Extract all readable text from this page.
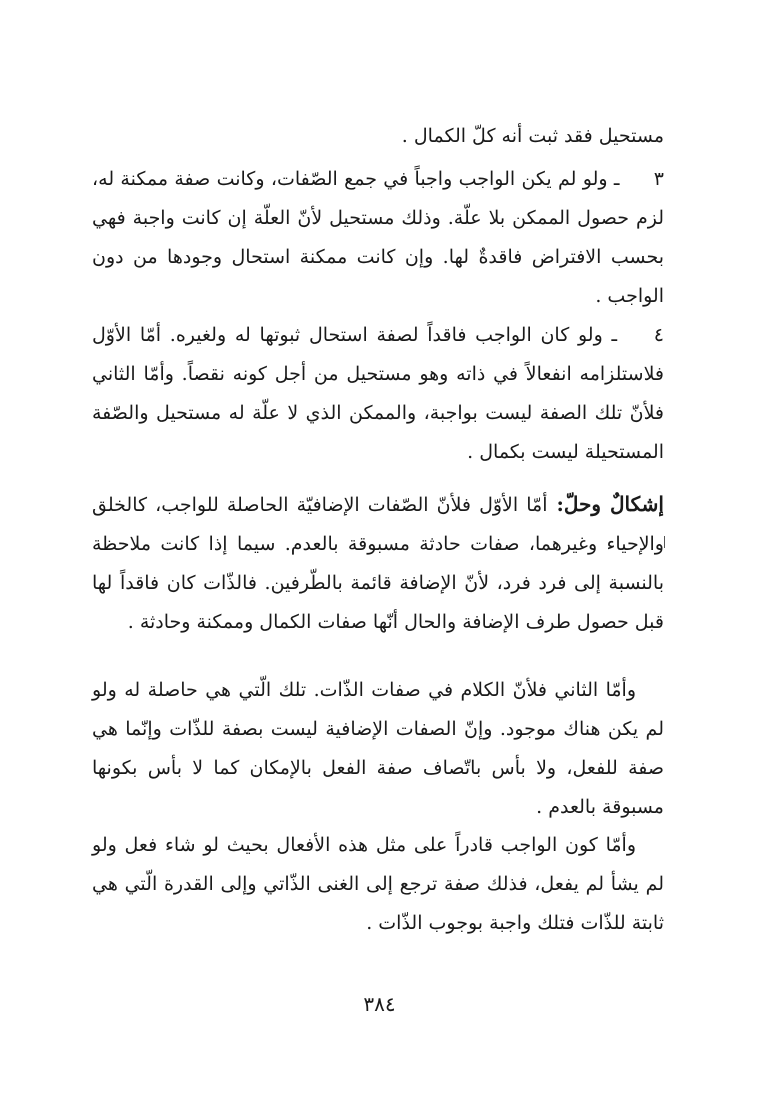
مستحيل فقد ثبت أنه كلّ الكمال .

٣ ـ ولو لم يكن الواجب واجباً في جمع الصّفات، وكانت صفة ممكنة له، لزم حصول الممكن بلا علّة. وذلك مستحيل لأنّ العلّة إن كانت واجبة فهي بحسب الافتراض فاقدةٌ لها. وإن كانت ممكنة استحال وجودها من دون الواجب .

٤ ـ ولو كان الواجب فاقداً لصفة استحال ثبوتها له ولغيره. أمّا الأوّل فلاستلزامه انفعالاً في ذاته وهو مستحيل من أجل كونه نقصاً. وأمّا الثاني فلأنّ تلك الصفة ليست بواجبة، والممكن الذي لا علّة له مستحيل والصّفة المستحيلة ليست بكمال .

إشكالٌ وحلّ: أمّا الأوّل فلأنّ الصّفات الإضافيّة الحاصلة للواجب، كالخلق والإحياء وغيرهما، صفات حادثة مسبوقة بالعدم. سيما إذا كانت ملاحظة بالنسبة إلى فرد فرد، لأنّ الإضافة قائمة بالطّرفين. فالذّات كان فاقداً لها قبل حصول طرف الإضافة والحال أنّها صفات الكمال وممكنة وحادثة .

وأمّا الثاني فلأنّ الكلام في صفات الذّات. تلك الّتي هي حاصلة له ولو لم يكن هناك موجود. وإنّ الصفات الإضافية ليست بصفة للذّات وإنّما هي صفة للفعل، ولا بأس باتّصاف صفة الفعل بالإمكان كما لا بأس بكونها مسبوقة بالعدم .

وأمّا كون الواجب قادراً على مثل هذه الأفعال بحيث لو شاء فعل ولو لم يشأ لم يفعل، فذلك صفة ترجع إلى الغنى الذّاتي وإلى القدرة الّتي هي ثابتة للذّات فتلك واجبة بوجوب الذّات .

٣٨٤
